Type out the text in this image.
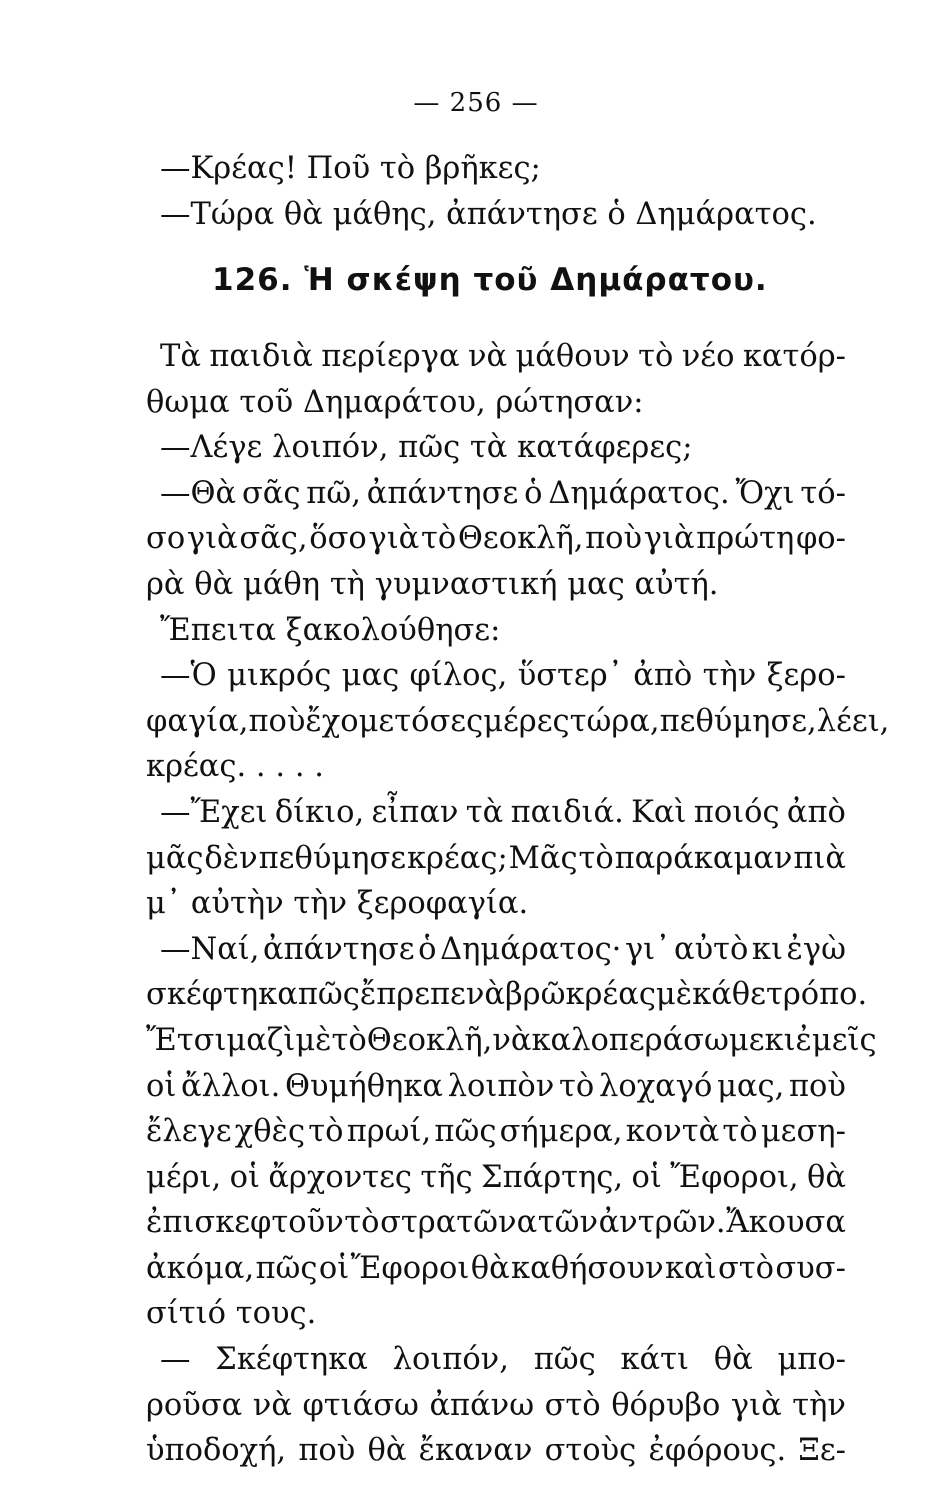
— 256 —
—Κρέας! Ποῦ τὸ βρῆκες;
—Τώρα θὰ μάθης, ἀπάντησε ὁ Δημάρατος.
126. Ἡ σκέψη τοῦ Δημάρατου.
Τὰ παιδιὰ περίεργα νὰ μάθουν τὸ νέο κατόρ-
θωμα τοῦ Δημαράτου, ρώτησαν:
—Λέγε λοιπόν, πῶς τὰ κατάφερες;
—Θὰ σᾶς πῶ, ἀπάντησε ὁ Δημάρατος. Ὄχι τό-
σο γιὰ σᾶς, ὅσο γιὰ τὸ Θεοκλῆ, ποὺ γιὰ πρώτη φο-
ρὰ θὰ μάθη τὴ γυμναστική μας αὐτή.
Ἔπειτα ξακολούθησε:
—Ὁ μικρός μας φίλος, ὕστερ᾽ ἀπὸ τὴν ξερο-
φαγία, ποὺ ἔχομε τόσες μέρες τώρα, πεθύμησε, λέει,
κρέας. . . . .
—Ἔχει δίκιο, εἶπαν τὰ παιδιά. Καὶ ποιός ἀπὸ
μᾶς δὲν πεθύμησε κρέας; Μᾶς τὸ παράκαμαν πιὰ
μ᾽ αὐτὴν τὴν ξεροφαγία.
—Ναί, ἀπάντησε ὁ Δημάρατος· γι᾽ αὐτὸ κι ἐγὼ
σκέφτηκα πῶς ἔπρεπε νὰ βρῶ κρέας μὲ κάθε τρόπο.
Ἔτσι μαζὶ μὲ τὸ Θεοκλῆ, νὰ καλοπεράσωμε κι ἐμεῖς
οἱ ἄλλοι. Θυμήθηκα λοιπὸν τὸ λοχαγό μας, ποὺ
ἔλεγε χθὲς τὸ πρωί, πῶς σήμερα, κοντὰ τὸ μεση-
μέρι, οἱ ἄρχοντες τῆς Σπάρτης, οἱ Ἔφοροι, θὰ
ἐπισκεφτοῦν τὸ στρατῶνα τῶν ἀντρῶν. Ἄκουσα
ἀκόμα, πῶς οἱ Ἔφοροι θὰ καθήσουν καὶ στὸ συσ-
σίτιό τους.
— Σκέφτηκα λοιπόν, πῶς κάτι θὰ μπο-
ροῦσα νὰ φτιάσω ἀπάνω στὸ θόρυβο γιὰ τὴν
ὑποδοχή, ποὺ θὰ ἔκαναν στοὺς ἐφόρους. Ξε-
